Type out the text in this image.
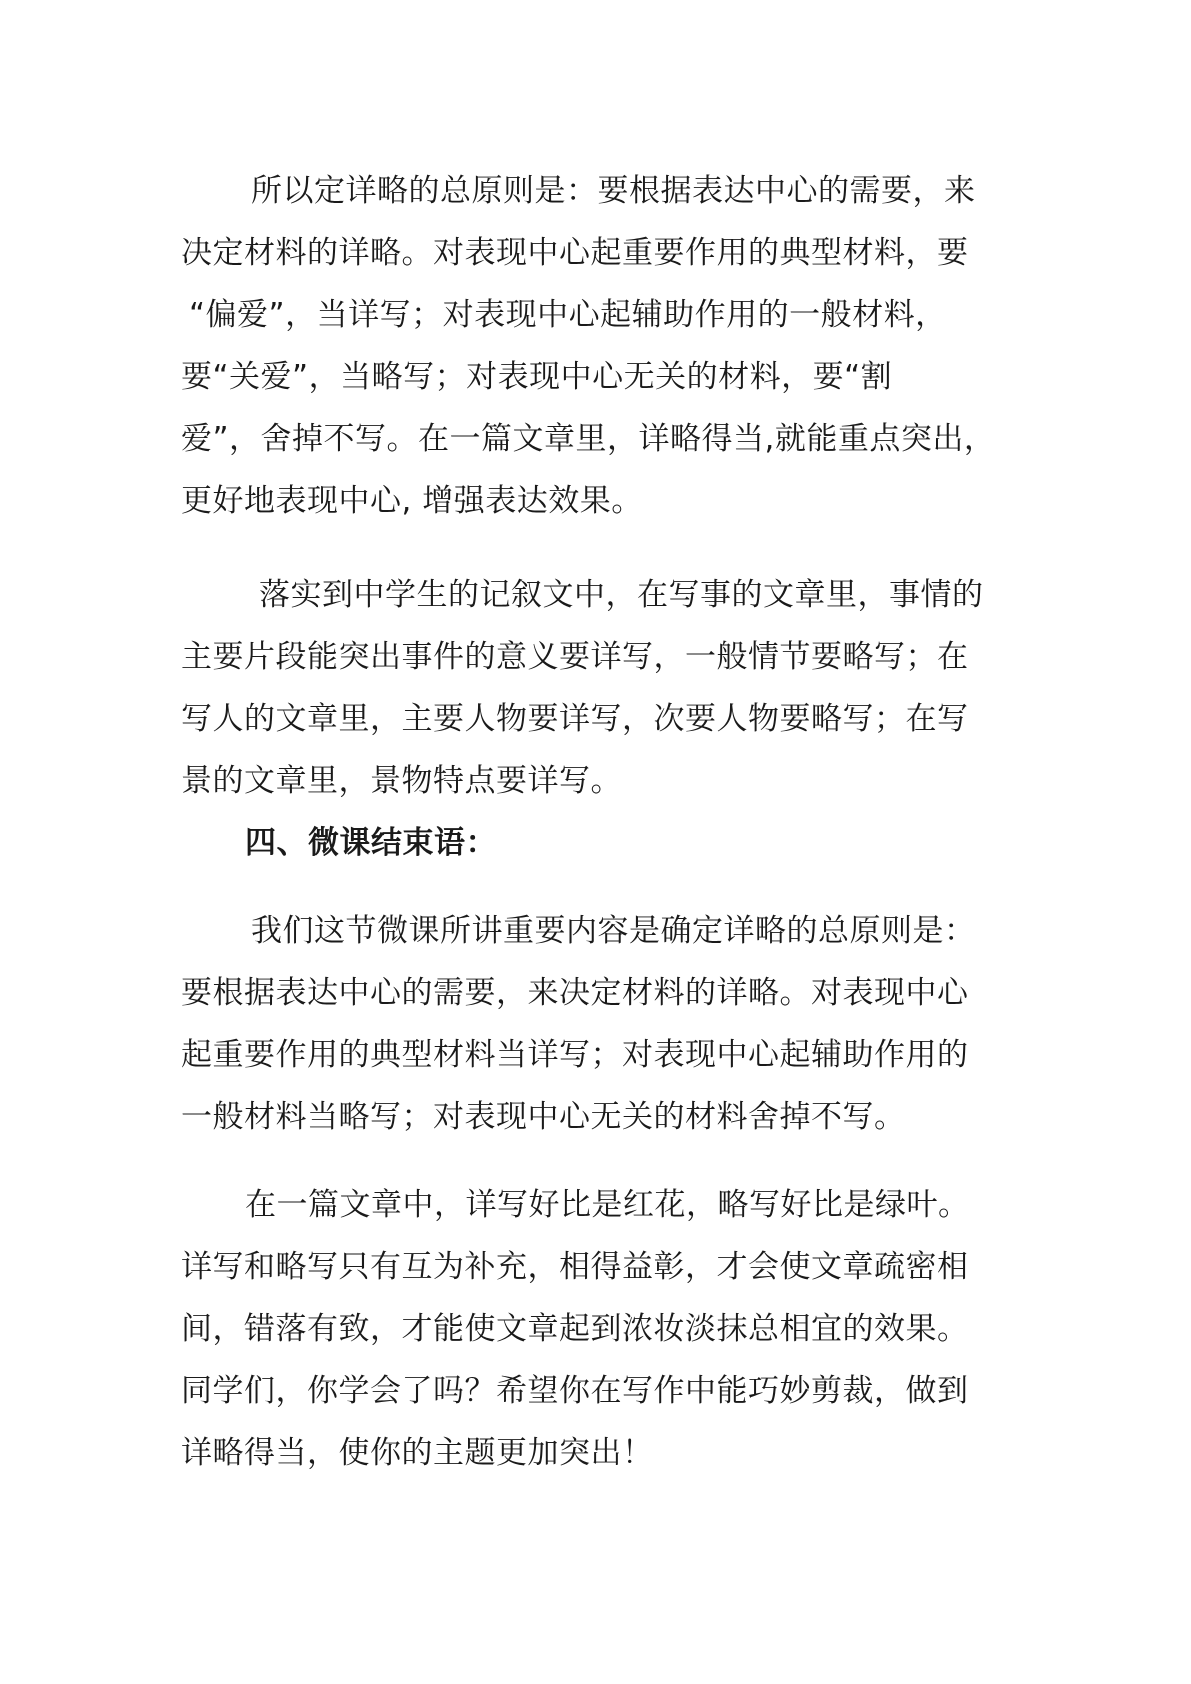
所以定详略的总原则是：要根据表达中心的需要，来
决定材料的详略。对表现中心起重要作用的典型材料，要
“偏爱”，当详写；对表现中心起辅助作用的一般材料，
要“关爱”，当略写；对表现中心无关的材料，要“割
爱”，舍掉不写。在一篇文章里，详略得当,就能重点突出，
更好地表现中心, 增强表达效果。
落实到中学生的记叙文中，在写事的文章里，事情的
主要片段能突出事件的意义要详写，一般情节要略写；在
写人的文章里，主要人物要详写，次要人物要略写；在写
景的文章里，景物特点要详写。
四、微课结束语：
我们这节微课所讲重要内容是确定详略的总原则是：
要根据表达中心的需要，来决定材料的详略。对表现中心
起重要作用的典型材料当详写；对表现中心起辅助作用的
一般材料当略写；对表现中心无关的材料舍掉不写。
在一篇文章中，详写好比是红花，略写好比是绿叶。
详写和略写只有互为补充，相得益彰，才会使文章疏密相
间，错落有致，才能使文章起到浓妆淡抹总相宜的效果。
同学们，你学会了吗？希望你在写作中能巧妙剪裁，做到
详略得当，使你的主题更加突出！
